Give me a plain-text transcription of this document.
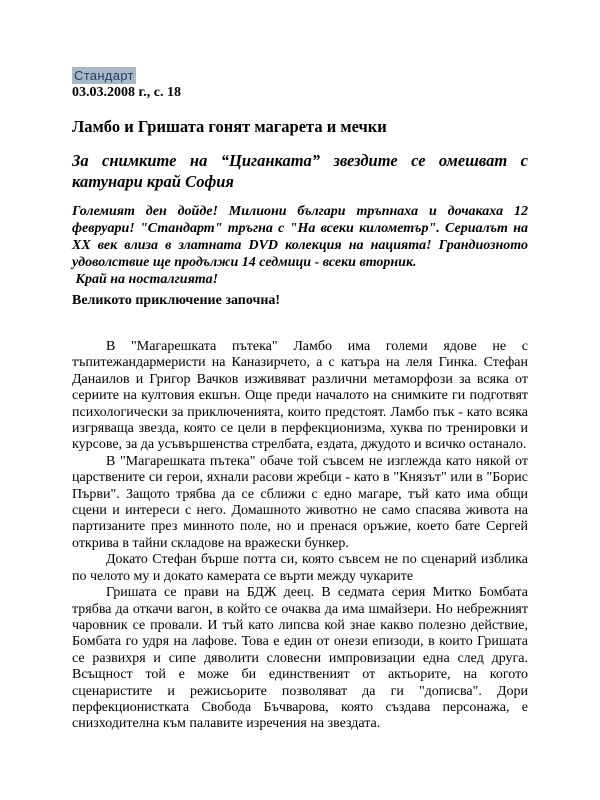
Стандарт
03.03.2008 г., с. 18
Ламбо и Гришата гонят магарета и мечки
За снимките на “Циганката” звездите се омешват с катунари край София
Големият ден дойде! Милиони българи тръпнаха и дочакаха 12 февруари! "Стандарт" тръгна с "На всеки километър". Сериалът на XX век влиза в златната DVD колекция на нацията! Грандиозното удоволствие ще продължи 14 седмици - всеки вторник.
Край на носталгията!
Великото приключение започна!

В "Магарешката пътека" Ламбо има големи ядове не с тъпитежандармеристи на Каназирчето, а с катъра на леля Гинка. Стефан Данаилов и Григор Вачков изживяват различни метаморфози за всяка от сериите на култовия екшън. Още преди началото на снимките ги подготвят психологически за приключенията, които предстоят. Ламбо пък - като всяка изгряваща звезда, която се цели в перфекционизма, хуква по тренировки и курсове, за да усъвършенства стрелбата, ездата, джудото и всичко останало.

В "Магарешката пътека" обаче той съвсем не изглежда като някой от царствените си герои, яхнали расови жребци - като в "Князът" или в "Борис Първи". Защото трябва да се сближи с едно магаре, тъй като има общи сцени и интереси с него. Домашното животно не само спасява живота на партизаните през минното поле, но и пренася оръжие, което бате Сергей открива в тайни складове на вражески бункер.

Докато Стефан бърше потта си, която съвсем не по сценарий изблика по челото му и докато камерата се върти между чукарите

Гришата се прави на БДЖ деец. В седмата серия Митко Бомбата трябва да откачи вагон, в който се очаква да има шмайзери. Но небрежният чаровник се провали. И тъй като липсва кой знае какво полезно действие, Бомбата го удря на лафове. Това е един от онези епизоди, в които Гришата се развихря и сипе дяволити словесни импровизации една след друга. Всъщност той е може би единственият от актьорите, на когото сценаристите и режисьорите позволяват да ги "дописва". Дори перфекционистката Свобода Бъчварова, която създава персонажа, е снизходителна към палавите изречения на звездата.
